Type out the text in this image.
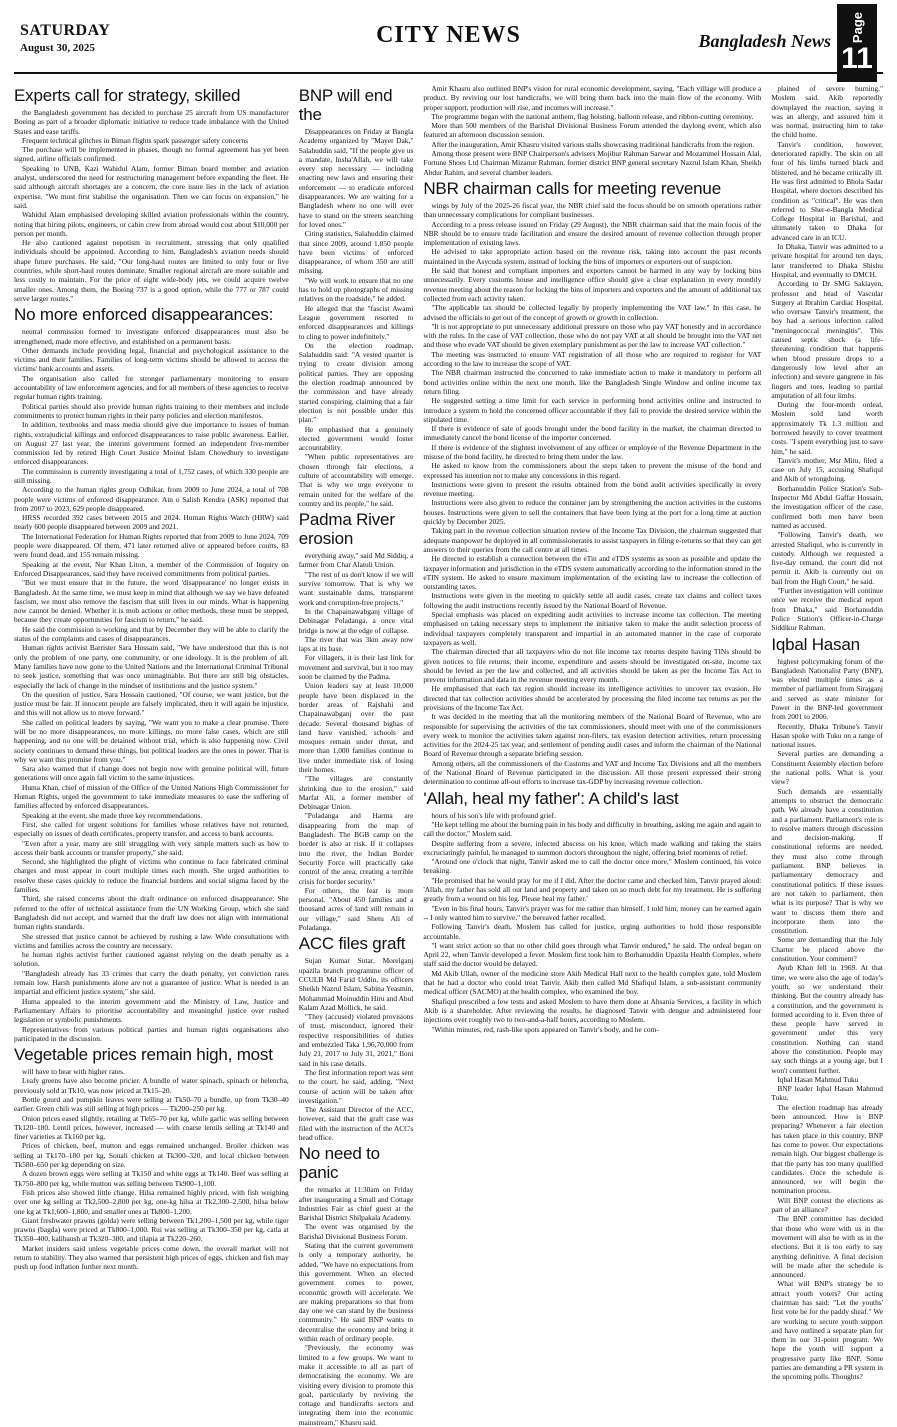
SATURDAY
August 30, 2025	CITY NEWS	Bangladesh News Page
11
Experts call for strategy, skilled

the Bangladesh government has decided to purchase 25 aircraft from US manufacturer Boeing as part of a broader diplomatic initiative to reduce trade imbalance with the United States and ease tariffs.

Frequent technical glitches in Biman flights spark passenger safety concerns

The purchase will be implemented in phases, though no formal agreement has yet been signed, airline officials confirmed.

Speaking to UNB, Kazi Wahidul Alam, former Biman board member and aviation analyst, underscored the need for restructuring management before expanding the fleet. He said although aircraft shortages are a concern, the core issue lies in the lack of aviation expertise. "We must first stabilise the organisation. Then we can focus on expansion," he said.

Wahidul Alam emphasised developing skilled aviation professionals within the country, noting that hiring pilots, engineers, or cabin crew from abroad would cost about $10,000 per person per month.

He also cautioned against nepotism in recruitment, stressing that only qualified individuals should be appointed. According to him, Bangladesh's aviation needs should shape future purchases. He said, "Our long-haul routes are limited to only four or five countries, while short-haul routes dominate. Smaller regional aircraft are more suitable and less costly to maintain. For the price of eight wide-body jets, we could acquire twelve smaller ones. Among them, the Boeing 737 is a good option, while the 777 or 787 could serve larger routes."

No more enforced disappearances:

neutral commission formed to investigate enforced disappearances must also be strengthened, made more effective, and established on a permanent basis.

Other demands include providing legal, financial and psychological assistance to the victims and their families. Families of long-term victims should be allowed to access the victims' bank accounts and assets.

The organisation also called for stronger parliamentary monitoring to ensure accountability of law enforcement agencies, and for all members of these agencies to receive regular human rights training.

Political parties should also provide human rights training to their members and include commitments to protect human rights in their party policies and election manifestos.

In addition, textbooks and mass media should give due importance to issues of human rights, extrajudicial killings and enforced disappearances to raise public awareness. Earlier, on August 27 last year, the interim government formed an independent five-member commission led by retired High Court Justice Moinul Islam Chowdhury to investigate enforced disappearances.

The commission is currently investigating a total of 1,752 cases, of which 330 people are still missing.

According to the human rights group Odhikar, from 2009 to June 2024, a total of 708 people were victims of enforced disappearance. Ain o Salish Kendra (ASK) reported that from 2007 to 2023, 629 people disappeared.

HRSS recorded 392 cases between 2015 and 2024. Human Rights Watch (HRW) said nearly 600 people disappeared between 2009 and 2021.

The International Federation for Human Rights reported that from 2009 to June 2024, 709 people were disappeared. Of them, 471 later returned alive or appeared before courts, 83 were found dead, and 155 remain missing.

Speaking at the event, Nur Khan Liton, a member of the Commission of Inquiry on Enforced Disappearances, said they have received commitments from political parties.

"But we must ensure that in the future, the word 'disappearance' no longer exists in Bangladesh. At the same time, we must keep in mind that although we say we have defeated fascism, we must also remove the fascism that still lives in our minds. What is happening now cannot be denied. Whether it is mob actions or other methods, these must be stopped, because they create opportunities for fascism to return," he said.

He said the commission is working and that by December they will be able to clarify the status of the complaints and cases of disappearances.

Human rights activist Barrister Sara Hossain said, "We have understood that this is not only the problem of one party, one community, or one ideology. It is the problem of all. Many families have now gone to the United Nations and the International Criminal Tribunal to seek justice, something that was once unimaginable. But there are still big obstacles, especially the lack of change in the mindset of institutions and the justice system."

On the question of justice, Sara Hossain cautioned, "Of course, we want justice, but the justice must be fair. If innocent people are falsely implicated, then it will again be injustice, and this will not allow us to move forward."

She called on political leaders by saying, "We want you to make a clear promise. There will be no more disappearances, no more killings, no more false cases, which are still happening, and no one will be detained without trial, which is also happening now. Civil society continues to demand these things, but political leaders are the ones in power. That is why we want this promise from you."

Sara also warned that if change does not begin now with genuine political will, future generations will once again fall victim to the same injustices.

Huma Khan, chief of mission of the Office of the United Nations High Commissioner for Human Rights, urged the government to take immediate measures to ease the suffering of families affected by enforced disappearances.

Speaking at the event, she made three key recommendations.

First, she called for urgent solutions for families whose relatives have not returned, especially on issues of death certificates, property transfer, and access to bank accounts.

"Even after a year, many are still struggling with very simple matters such as how to access their bank accounts or transfer property," she said.

Second, she highlighted the plight of victims who continue to face fabricated criminal charges and must appear in court multiple times each month. She urged authorities to resolve these cases quickly to reduce the financial burdens and social stigma faced by the families.

Third, she raised concerns about the draft ordinance on enforced disappearance. She referred to the offer of technical assistance from the UN Working Group, which she said Bangladesh did not accept, and warned that the draft law does not align with international human rights standards.

She stressed that justice cannot be achieved by rushing a law. Wide consultations with victims and families across the country are necessary.

he human rights activist further cautioned against relying on the death penalty as a solution.

"Bangladesh already has 33 crimes that carry the death penalty, yet conviction rates remain low. Harsh punishments alone are not a guarantee of justice. What is needed is an impartial and efficient justice system," she said.

Huma appealed to the interim government and the Ministry of Law, Justice and Parliamentary Affairs to prioritise accountability and meaningful justice over rushed legislation or symbolic punishments.

Representatives from various political parties and human rights organisations also participated in the discussion.

Vegetable prices remain high, most

will have to bear with higher rates.

Leafy greens have also become pricier. A bundle of water spinach, spinach or helencha, previously sold at Tk10, was now priced at Tk15–20.

Bottle gourd and pumpkin leaves were selling at Tk50–70 a bundle, up from Tk30–40 earlier. Green chili was still selling at high prices — Tk200–250 per kg.

Onion prices eased slightly, retailing at Tk65–70 per kg, while garlic was selling between Tk120–180. Lentil prices, however, increased — with coarse lentils selling at Tk140 and finer varieties at Tk160 per kg.

Prices of chicken, beef, mutton and eggs remained unchanged. Broiler chicken was selling at Tk170–180 per kg, Sonali chicken at Tk300–320, and local chicken between Tk580–650 per kg depending on size.

A dozen brown eggs were selling at Tk150 and white eggs at Tk140. Beef was selling at Tk750–800 per kg, while mutton was selling between Tk900–1,100.

Fish prices also showed little change. Hilsa remained highly priced, with fish weighing over one kg selling at Tk2,500–2,800 per kg, one-kg hilsa at Tk2,300–2,500, hilsa below one kg at Tk1,600–1,800, and smaller ones at Tk800–1,200.

Giant freshwater prawns (golda) were selling between Tk1,200–1,500 per kg, while tiger prawns (bagda) were priced at Tk800–1,000. Rui was selling at Tk300–350 per kg, catla at Tk350–400, kalibaush at Tk320–380, and tilapia at Tk220–260.

Market insiders said unless vegetable prices come down, the overall market will not return to stability. They also warned that persistent high prices of eggs, chicken and fish may push up food inflation further next month.

BNP will end the

Disappearances on Friday at Bangla Academy organized by "Mayer Dak," Salahuddin said, "If the people give us a mandate, Insha'Allah, we will take every step necessary — including enacting new laws and ensuring their enforcement — to eradicate enforced disappearances. We are waiting for a Bangladesh where no one will ever have to stand on the streets searching for loved ones."

Citing statistics, Salahuddin claimed that since 2009, around 1,850 people have been victims of enforced disappearance, of whom 350 are still missing.

"We will work to ensure that no one has to hold up photographs of missing relatives on the roadside," he added.

He alleged that the "fascist Awami League government resorted to enforced disappearances and killings to cling to power indefinitely."

On the election roadmap, Salahuddin said: "A vested quarter is trying to create division among political parties. They are opposing the election roadmap announced by the commission and have already started conspiring, claiming that a fair election is not possible under this plan."

He emphasised that a genuinely elected government would foster accountability.

"When public representatives are chosen through fair elections, a culture of accountability will emerge. That is why we urge everyone to remain united for the welfare of the country and its people," he said.

Padma River erosion

everything away," said Md Siddiq, a farmer from Char Alatuli Union.

"The rest of us don't know if we will survive tomorrow. That is why we want sustainable dams, transparent work and corruption-free projects."

In the Chapainawabganj village of Debinagar Poladanga, a once vital bridge is now at the edge of collapse.

The river that was 3km away now laps at its base.

For villagers, it is their last link for movement and survival, but it too may soon be claimed by the Padma.

Union leaders say at least 10,000 people have been displaced in the border areas of Rajshahi and Chapainawabganj over the past decade. Several thousand bighas of land have vanished, schools and mosques remain under threat, and more than 1,000 families continue to live under immediate risk of losing their homes.

"The villages are constantly shrinking due to the erosion," said Marfat Ali, a former member of Debinagar Union.

"Poladanga and Harma are disappearing from the map of Bangladesh. The BGB camp on the border is also at risk. If it collapses into the river, the Indian Border Security Force will practically take control of the area, creating a terrible crisis for border security."

For others, the fear is more personal. "About 450 families and a thousand acres of land still remain in our village," said Shetu Ali of Poladanga.

ACC files graft

Sujan Kumar Sutar, Morelganj upazila branch programme officer of CCULB Md Farid Uddin, its officers Sheikh Nazrul Islam, Sabina Yeasmin, Mohammad Moinuddin Hiru and Abul Kalam Azad Mollick, he said.

"They (accused) violated provisions of trust, misconduct, ignored their respective responsibilities of duties and embezzled Taka 1,96,70,000 from July 21, 2017 to July 31, 2021," Iloni said in his case details.

The first information report was sent to the court, he said, adding, "Next course of action will be taken after investigation."

The Assistant Director of the ACC, however, said that the graft case was filed with the instruction of the ACC's head office.

No need to panic

the remarks at 11:30am on Friday after inaugurating a Small and Cottage Industries Fair as chief guest at the Barishal District Shilpakala Academy.

The event was organised by the Barishal Divisional Business Forum.

Stating that the current government is only a temporary authority, he added, "We have no expectations from this government. When an elected government comes to power, economic growth will accelerate. We are making preparations so that from day one we can stand by the business community." He said BNP wants to decentralise the economy and bring it within reach of ordinary people.

"Previously, the economy was limited to a few groups. We want to make it accessible to all as part of democratising the economy. We are visiting every division to promote this goal, particularly by reviving the cottage and handicrafts sectors and integrating them into the economic mainstream," Khasru said.

Amir Khasru also outlined BNP's vision for rural economic development, saying, "Each village will produce a product. By reviving our lost handicrafts, we will bring them back into the main flow of the economy. With proper support, production will rise, and incomes will increase."

The programme began with the national anthem, flag hoisting, balloon release, and ribbon-cutting ceremony.

More than 500 members of the Barishal Divisional Business Forum attended the daylong event, which also featured an afternoon discussion session.

After the inauguration, Amir Khasru visited various stalls showcasing traditional handicrafts from the region.

Among those present were BNP Chairperson's advisers Mojibur Rahman Sarwar and Mozammel Hossain Alal, Fortune Shoes Ltd Chairman Mizanur Rahman, former district BNP general secretary Nazrul Islam Khan, Sheikh Abdur Rahim, and several chamber leaders.

NBR chairman calls for meeting revenue

wings by July of the 2025-26 fiscal year, the NBR chief said the focus should be on smooth operations rather than unnecessary complications for compliant businesses.

According to a press release issued on Friday (29 August), the NBR chairman said that the main focus of the NBR should be to ensure trade facilitation and ensure the desired amount of revenue collection through proper implementation of existing laws.

He advised to take appropriate action based on the revenue risk, taking into account the past records maintained in the Asycuda system, instead of locking the bins of importers or exporters out of suspicion.

He said that honest and compliant importers and exporters cannot be harmed in any way by locking bins unnecessarily. Every customs house and intelligence office should give a clear explanation in every monthly revenue meeting about the reason for locking the bins of importers and exporters and the amount of additional tax collected from each activity taken.

"The applicable tax should be collected legally by properly implementing the VAT law." In this case, he advised the officials to get out of the concept of growth or growth in collection.

"It is not appropriate to put unnecessary additional pressure on those who pay VAT honestly and in accordance with the rules. In the case of VAT collection, those who do not pay VAT at all should be brought into the VAT net and those who evade VAT should be given exemplary punishment as per the law to increase VAT collection."

The meeting was instructed to ensure VAT registration of all those who are required to register for VAT according to the law to increase the scope of VAT.

The NBR chairman instructed the concerned to take immediate action to make it mandatory to perform all bond activities online within the next one month, like the Bangladesh Single Window and online income tax return filing.

He suggested setting a time limit for each service in performing bond activities online and instructed to introduce a system to hold the concerned officer accountable if they fail to provide the desired service within the stipulated time.

If there is evidence of sale of goods brought under the bond facility in the market, the chairman directed to immediately cancel the bond license of the importer concerned.

If there is evidence of the slightest involvement of any officer or employee of the Revenue Department in the misuse of the bond facility, he directed to bring them under the law.

He asked to know from the commissioners about the steps taken to prevent the misuse of the bond and expressed his intention not to make any concessions in this regard.

Instructions were given to present the results obtained from the bond audit activities specifically in every revenue meeting.

Instructions were also given to reduce the container jam by strengthening the auction activities in the customs houses. Instructions were given to sell the containers that have been lying at the port for a long time at auction quickly by December 2025.

Taking part in the revenue collection situation review of the Income Tax Division, the chairman suggested that adequate manpower be deployed in all commissionerates to assist taxpayers in filing e-returns so that they can get answers to their queries from the call centre at all times.

He directed to establish a connection between the eTin and eTDS systems as soon as possible and update the taxpayer information and jurisdiction in the eTDS system automatically according to the information stored in the eTIN system. He asked to ensure maximum implementation of the existing law to increase the collection of outstanding taxes.

Instructions were given in the meeting to quickly settle all audit cases, create tax claims and collect taxes following the audit instructions recently issued by the National Board of Revenue.

Special emphasis was placed on expediting audit activities to increase income tax collection. The meeting emphasised on taking necessary steps to implement the initiative taken to make the audit selection process of individual taxpayers completely transparent and impartial in an automated manner in the case of corporate taxpayers as well.

The chairman directed that all taxpayers who do not file income tax returns despite having TINs should be given notices to file returns, their income, expenditure and assets should be investigated on-site, income tax should be levied as per the law and collected, and all activities should be taken as per the Income Tax Act to prevent information and data in the revenue meeting every month.

He emphasised that each tax region should increase its intelligence activities to uncover tax evasion. He directed that tax collection activities should be accelerated by processing the filed income tax returns as per the provisions of the Income Tax Act.

It was decided in the meeting that all the monitoring members of the National Board of Revenue, who are responsible for supervising the activities of the tax commissioners, should meet with one of the commissioners every week to monitor the activities taken against non-filers, tax evasion detection activities, return processing activities for the 2024-25 tax year, and settlement of pending audit cases and inform the chairman of the National Board of Revenue through a separate briefing session.

Among others, all the commissioners of the Customs and VAT and Income Tax Divisions and all the members of the National Board of Revenue participated in the discussion. All those present expressed their strong determination to continue all-out efforts to increase tax-GDP by increasing revenue collection.

'Allah, heal my father': A child's last

hours of his son's life with profound grief.

"He kept telling me about the burning pain in his body and difficulty in breathing, asking me again and again to call the doctor," Moslem said.

Despite suffering from a severe, infected abscess on his knee, which made walking and taking the stairs excruciatingly painful, he managed to summon doctors throughout the night, offering brief moments of relief.

"Around one o'clock that night, Tanvir asked me to call the doctor once more," Moslem continued, his voice breaking.

"He promised that he would pray for me if I did. After the doctor came and checked him, Tanvir prayed aloud: 'Allah, my father has sold all our land and property and taken on so much debt for my treatment. He is suffering greatly from a wound on his leg. Please heal my father.'

"Even in his final hours, Tanvir's prayer was for me rather than himself. I told him, money can be earned again -- I only wanted him to survive," the bereaved father recalled.

Following Tanvir's death, Moslem has called for justice, urging authorities to hold those responsible accountable.

"I want strict action so that no other child goes through what Tanvir endured," he said. The ordeal began on April 22, when Tanvir developed a fever. Moslem first took him to Borhanuddin Upazila Health Complex, where staff said the doctor would be delayed.

Md Akib Ullah, owner of the medicine store Akib Medical Hall next to the health complex gate, told Moslem that he had a doctor who could treat Tanvir. Akib then called Md Shafiqul Islam, a sub-assistant community medical officer (SACMO) at the health complex, who examined the boy.

Shafiqul prescribed a few tests and asked Moslem to have them done at Ahsania Services, a facility in which Akib is a shareholder. After reviewing the results, he diagnosed Tanvir with dengue and administered four injections over roughly two to two-and-a-half hours, according to Moslem.

"Within minutes, red, rash-like spots appeared on Tanvir's body, and he com-

plained of severe burning," Moslem said. Akib reportedly downplayed the reaction, saying it was an allergy, and assured him it was normal, instructing him to take the child home.

Tanvir's condition, however, deteriorated rapidly. The skin on all four of his limbs turned black and blistered, and he became critically ill. He was first admitted to Bhola Sadar Hospital, where doctors described his condition as "critical". He was then referred to Sher-e-Bangla Medical College Hospital in Barishal, and ultimately taken to Dhaka for advanced care in an ICU.

In Dhaka, Tanvir was admitted to a private hospital for around ten days, later transferred to Dhaka Shishu Hospital, and eventually to DMCH.

According to Dr SMG Saklayen, professor and head of Vascular Surgery at Ibrahim Cardiac Hospital, who oversaw Tanvir's treatment, the boy had a serious infection called "meningococcal meningitis". This caused septic shock (a life-threatening condition that happens when blood pressure drops to a dangerously low level after an infection) and severe gangrene in his fingers and toes, leading to partial amputation of all four limbs.

During the four-month ordeal, Moslem sold land worth approximately Tk 1.3 million and borrowed heavily to cover treatment costs. "I spent everything just to save him," he said.

Tanvir's mother, Msr Mitu, filed a case on July 15, accusing Shafiqul and Akib of wrongdoing.

Borhanuddin Police Station's Sub-Inspector Md Abdul Gaffar Hossain, the investigation officer of the case, confirmed both men have been named as accused.

"Following Tanvir's death, we arrested Shafiqul, who is currently in custody. Although we requested a five-day remand, the court did not permit it. Akib is currently out on bail from the High Court," he said.

"Further investigation will continue once we receive the medical report from Dhaka," said Borhanuddin Police Station's Officer-in-Charge Siddikur Rahman.

Iqbal Hasan

highest policymaking forum of the Bangladesh Nationalist Party (BNP), was elected multiple times as a member of parliament from Sirajganj and served as state minister for Power in the BNP-led government from 2001 to 2006.

Recently, Dhaka Tribune's Tanvir Hasan spoke with Tuku on a range of national issues.

Several parties are demanding a Constituent Assembly election before the national polls. What is your view?

Such demands are essentially attempts to obstruct the democratic path. We already have a constitution and a parliament. Parliament's role is to resolve matters through discussion and decision-making. If constitutional reforms are needed, they must also come through parliament. BNP believes in parliamentary democracy and constitutional politics. If these issues are not taken to parliament, then what is its purpose? That is why we want to discuss them there and incorporate them into the constitution.

Some are demanding that the July Charter be placed above the constitution. Your comment?

Ayub Khan fell in 1969. At that time, we were also the age of today's youth, so we understand their thinking. But the country already has a constitution, and the government is formed according to it. Even three of these people have served in government under this very constitution. Nothing can stand above the constitution. People may say such things at a young age, but I won't comment further.

Iqbal Hasan Mahmud Tuku

BNP leader Iqbal Hasan Mahmud Tuku.

The election roadmap has already been announced. How is BNP preparing? Whenever a fair election has taken place in this country, BNP has come to power. Our expectations remain high. Our biggest challenge is that the party has too many qualified candidates. Once the schedule is announced, we will begin the nomination process.

Will BNP contest the elections as part of an alliance?

The BNP committee has decided that those who were with us in the movement will also be with us in the elections. But it is too early to say anything definitive. A final decision will be made after the schedule is announced.

What will BNP's strategy be to attract youth voters? Our acting chairman has said: "Let the youths' first vote be for the paddy sheaf." We are working to secure youth support and have outlined a separate plan for them in our 31-point program. We hope the youth will support a progressive party like BNP. Some parties are demanding a PR system in the upcoming polls. Thoughts?
